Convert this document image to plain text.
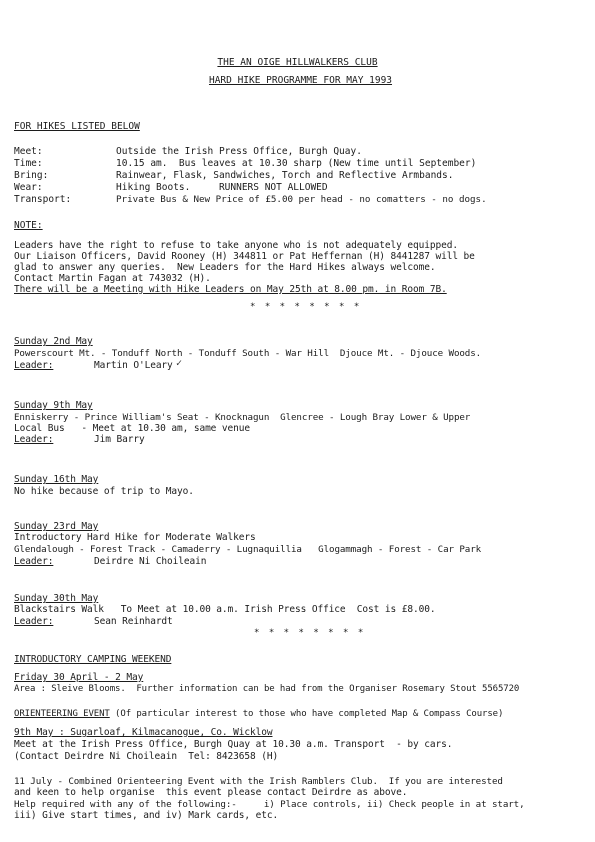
THE AN OIGE HILLWALKERS CLUB
HARD HIKE PROGRAMME FOR MAY 1993
FOR HIKES LISTED BELOW
Meet:	Outside the Irish Press Office, Burgh Quay.
Time:	10.15 am.  Bus leaves at 10.30 sharp (New time until September)
Bring:	Rainwear, Flask, Sandwiches, Torch and Reflective Armbands.
Wear:	Hiking Boots.     RUNNERS NOT ALLOWED
Transport:	Private Bus & New Price of £5.00 per head - no comatters - no dogs.
NOTE:
Leaders have the right to refuse to take anyone who is not adequately equipped.
Our Liaison Officers, David Rooney (H) 344811 or Pat Heffernan (H) 8441287 will be
glad to answer any queries.  New Leaders for the Hard Hikes always welcome.
Contact Martin Fagan at 743032 (H).
There will be a Meeting with Hike Leaders on May 25th at 8.00 pm. in Room 7B.
* * * * * * * *
Sunday 2nd May
Powerscourt Mt. - Tonduff North - Tonduff South - War Hill  Djouce Mt. - Djouce Woods.
Leader:	Martin O'Leary ✓
Sunday 9th May
Enniskerry - Prince William's Seat - Knocknagun  Glencree - Lough Bray Lower & Upper
Local Bus   - Meet at 10.30 am, same venue
Leader:	Jim Barry
Sunday 16th May
No hike because of trip to Mayo.
Sunday 23rd May
Introductory Hard Hike for Moderate Walkers
Glendalough - Forest Track - Camaderry - Lugnaquillia   Glogammagh - Forest - Car Park
Leader:	Deirdre Ni Choileain
Sunday 30th May
Blackstairs Walk   To Meet at 10.00 a.m. Irish Press Office  Cost is £8.00.
Leader:	Sean Reinhardt
* * * * * * * *
INTRODUCTORY CAMPING WEEKEND
Friday 30 April - 2 May
Area : Sleive Blooms.  Further information can be had from the Organiser Rosemary Stout 5565720
ORIENTEERING EVENT (Of particular interest to those who have completed Map & Compass Course)
9th May : Sugarloaf, Kilmacanogue, Co. Wicklow
Meet at the Irish Press Office, Burgh Quay at 10.30 a.m. Transport  - by cars.
(Contact Deirdre Ni Choileain  Tel: 8423658 (H)
11 July - Combined Orienteering Event with the Irish Ramblers Club.  If you are interested
and keen to help organise  this event please contact Deirdre as above.
Help required with any of the following:-     i) Place controls, ii) Check people in at start,
iii) Give start times, and iv) Mark cards, etc.
